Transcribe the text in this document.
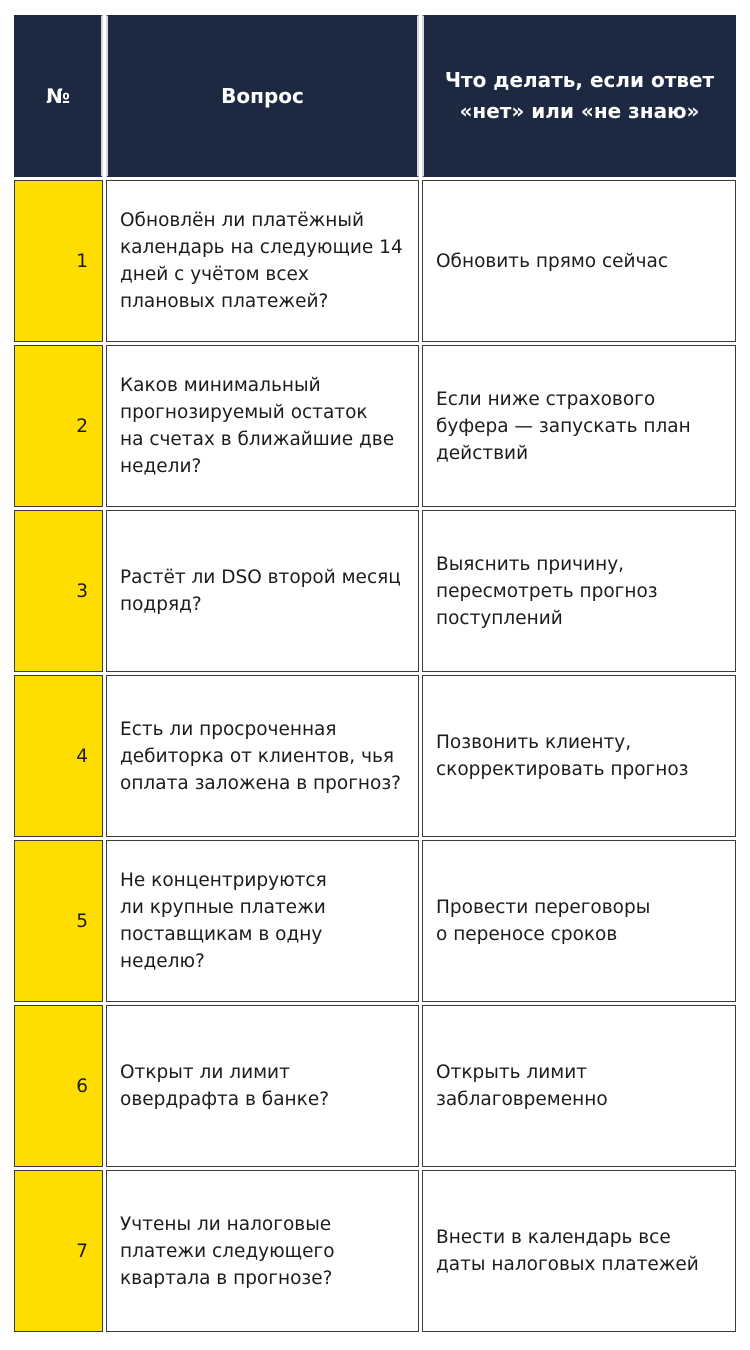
№	Вопрос
Что делать, если ответ
«нет» или «не знаю»
1
Обновлён ли платёжный
календарь на следующие 14
дней с учётом всех
плановых платежей?
Обновить прямо сейчас
2
Каков минимальный
прогнозируемый остаток
на счетах в ближайшие две
недели?
Если ниже страхового
буфера — запускать план
действий
3
Растёт ли DSO второй месяц
подряд?
Выяснить причину,
пересмотреть прогноз
поступлений
4
Есть ли просроченная
дебиторка от клиентов, чья
оплата заложена в прогноз?
Позвонить клиенту,
скорректировать прогноз
5
Не концентрируются
ли крупные платежи
поставщикам в одну
неделю?
Провести переговоры
о переносе сроков
6
Открыт ли лимит
овердрафта в банке?
Открыть лимит
заблаговременно
7
Учтены ли налоговые
платежи следующего
квартала в прогнозе?
Внести в календарь все
даты налоговых платежей
